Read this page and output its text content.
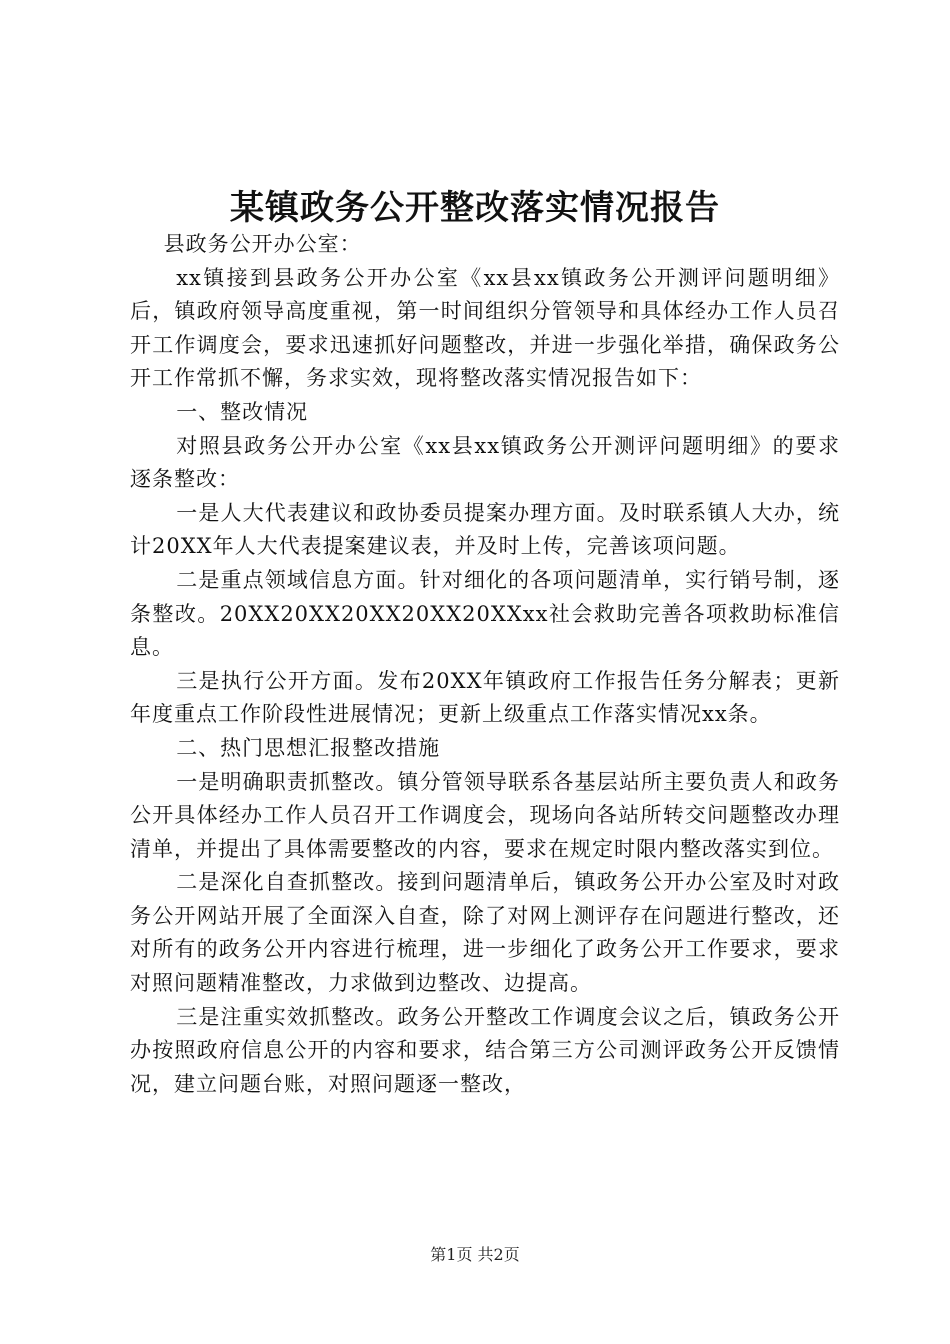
某镇政务公开整改落实情况报告

县政务公开办公室：

xx镇接到县政务公开办公室《xx县xx镇政务公开测评问题明细》后，镇政府领导高度重视，第一时间组织分管领导和具体经办工作人员召开工作调度会，要求迅速抓好问题整改，并进一步强化举措，确保政务公开工作常抓不懈，务求实效，现将整改落实情况报告如下：

一、整改情况

对照县政务公开办公室《xx县xx镇政务公开测评问题明细》的要求逐条整改：

一是人大代表建议和政协委员提案办理方面。及时联系镇人大办，统计20XX年人大代表提案建议表，并及时上传，完善该项问题。

二是重点领域信息方面。针对细化的各项问题清单，实行销号制，逐条整改。20XX20XX20XX20XX20XXxx社会救助完善各项救助标准信息。

三是执行公开方面。发布20XX年镇政府工作报告任务分解表；更新年度重点工作阶段性进展情况；更新上级重点工作落实情况xx条。

二、热门思想汇报整改措施

一是明确职责抓整改。镇分管领导联系各基层站所主要负责人和政务公开具体经办工作人员召开工作调度会，现场向各站所转交问题整改办理清单，并提出了具体需要整改的内容，要求在规定时限内整改落实到位。

二是深化自查抓整改。接到问题清单后，镇政务公开办公室及时对政务公开网站开展了全面深入自查，除了对网上测评存在问题进行整改，还对所有的政务公开内容进行梳理，进一步细化了政务公开工作要求，要求对照问题精准整改，力求做到边整改、边提高。

三是注重实效抓整改。政务公开整改工作调度会议之后，镇政务公开办按照政府信息公开的内容和要求，结合第三方公司测评政务公开反馈情况，建立问题台账，对照问题逐一整改，

第1页 共2页
